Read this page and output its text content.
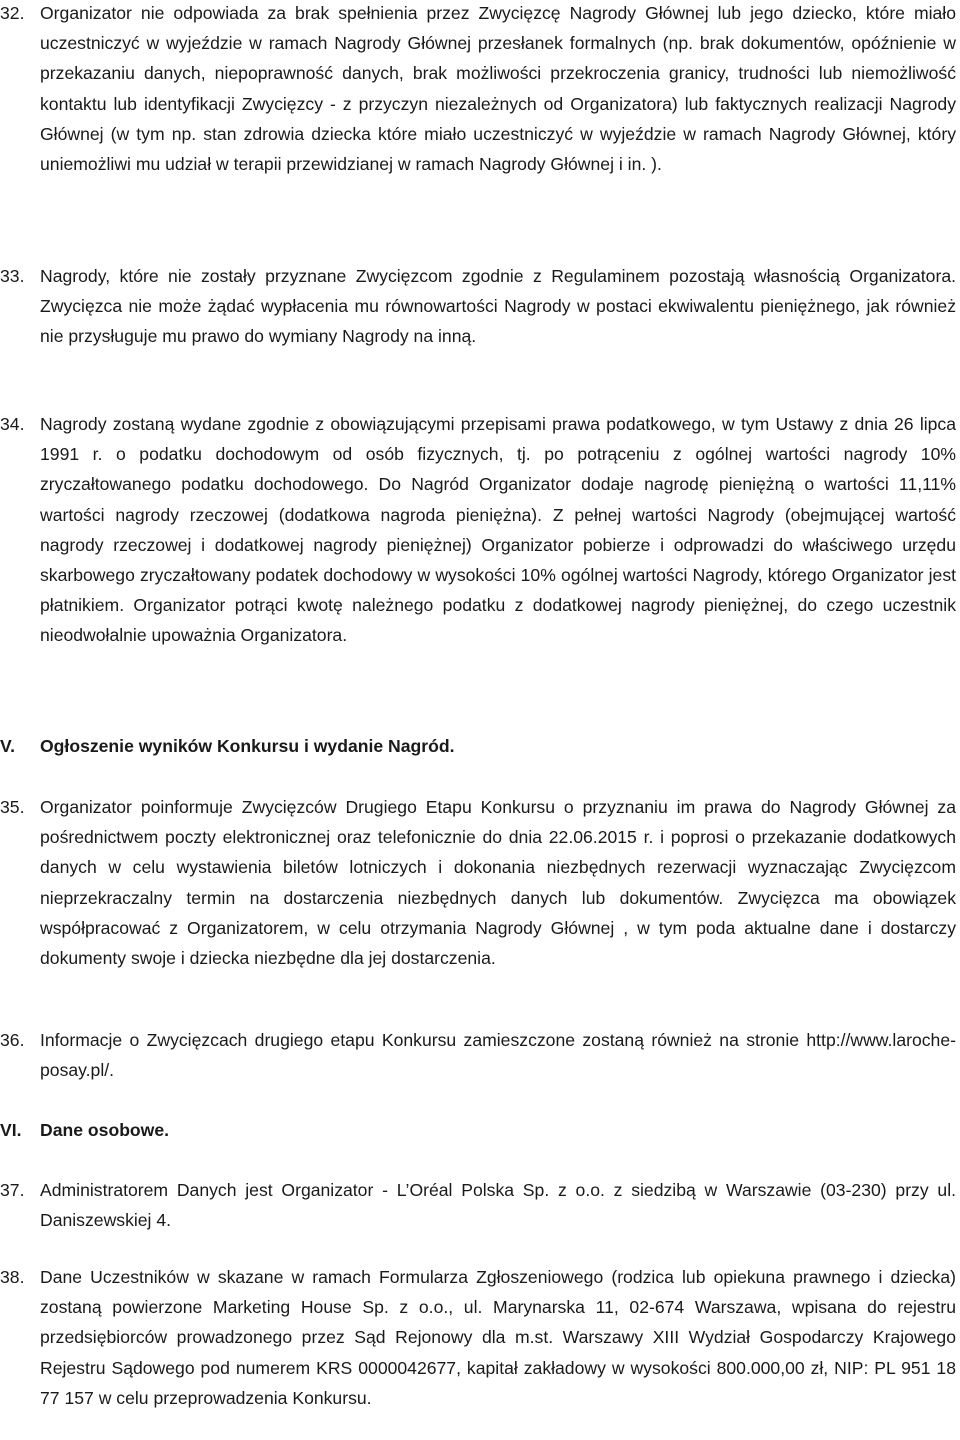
32. Organizator nie odpowiada za brak spełnienia przez Zwycięzcę Nagrody Głównej lub jego dziecko, które miało uczestniczyć w wyjeździe w ramach Nagrody Głównej przesłanek formalnych (np. brak dokumentów, opóźnienie w przekazaniu danych, niepoprawność danych, brak możliwości przekroczenia granicy, trudności lub niemożliwość kontaktu lub identyfikacji Zwycięzcy - z przyczyn niezależnych od Organizatora) lub faktycznych realizacji Nagrody Głównej (w tym np. stan zdrowia dziecka które miało uczestniczyć w wyjeździe w ramach Nagrody Głównej, który uniemożliwi mu udział w terapii przewidzianej w ramach Nagrody Głównej i in. ).
33. Nagrody, które nie zostały przyznane Zwycięzcom zgodnie z Regulaminem pozostają własnością Organizatora. Zwycięzca nie może żądać wypłacenia mu równowartości Nagrody w postaci ekwiwalentu pieniężnego, jak również nie przysługuje mu prawo do wymiany Nagrody na inną.
34. Nagrody zostaną wydane zgodnie z obowiązującymi przepisami prawa podatkowego, w tym Ustawy z dnia 26 lipca 1991 r. o podatku dochodowym od osób fizycznych, tj. po potrąceniu z ogólnej wartości nagrody 10% zryczałtowanego podatku dochodowego. Do Nagród Organizator dodaje nagrodę pieniężną o wartości 11,11% wartości nagrody rzeczowej (dodatkowa nagroda pieniężna). Z pełnej wartości Nagrody (obejmującej wartość nagrody rzeczowej i dodatkowej nagrody pieniężnej) Organizator pobierze i odprowadzi do właściwego urzędu skarbowego zryczałtowany podatek dochodowy w wysokości 10% ogólnej wartości Nagrody, którego Organizator jest płatnikiem. Organizator potrąci kwotę należnego podatku z dodatkowej nagrody pieniężnej, do czego uczestnik nieodwołalnie upoważnia Organizatora.
V.	Ogłoszenie wyników Konkursu i wydanie Nagród.
35. Organizator poinformuje Zwycięzców Drugiego Etapu Konkursu o przyznaniu im prawa do Nagrody Głównej za pośrednictwem poczty elektronicznej oraz telefonicznie do dnia 22.06.2015 r. i poprosi o przekazanie dodatkowych danych w celu wystawienia biletów lotniczych i dokonania niezbędnych rezerwacji wyznaczając Zwycięzcom nieprzekraczalny termin na dostarczenia niezbędnych danych lub dokumentów. Zwycięzca ma obowiązek współpracować z Organizatorem, w celu otrzymania Nagrody Głównej , w tym poda aktualne dane i dostarczy dokumenty swoje i dziecka niezbędne dla jej dostarczenia.
36. Informacje o Zwycięzcach drugiego etapu Konkursu zamieszczone zostaną również na stronie http://www.laroche-posay.pl/.
VI.	Dane osobowe.
37. Administratorem Danych jest Organizator - L’Oréal Polska Sp. z o.o. z siedzibą w Warszawie (03-230) przy ul. Daniszewskiej 4.
38. Dane Uczestników w skazane w ramach Formularza Zgłoszeniowego (rodzica lub opiekuna prawnego i dziecka) zostaną powierzone Marketing House Sp. z o.o., ul. Marynarska 11, 02-674 Warszawa, wpisana do rejestru przedsiębiorców prowadzonego przez Sąd Rejonowy dla m.st. Warszawy XIII Wydział Gospodarczy Krajowego Rejestru Sądowego pod numerem KRS 0000042677, kapitał zakładowy w wysokości 800.000,00 zł, NIP: PL 951 18 77 157 w celu przeprowadzenia Konkursu.
